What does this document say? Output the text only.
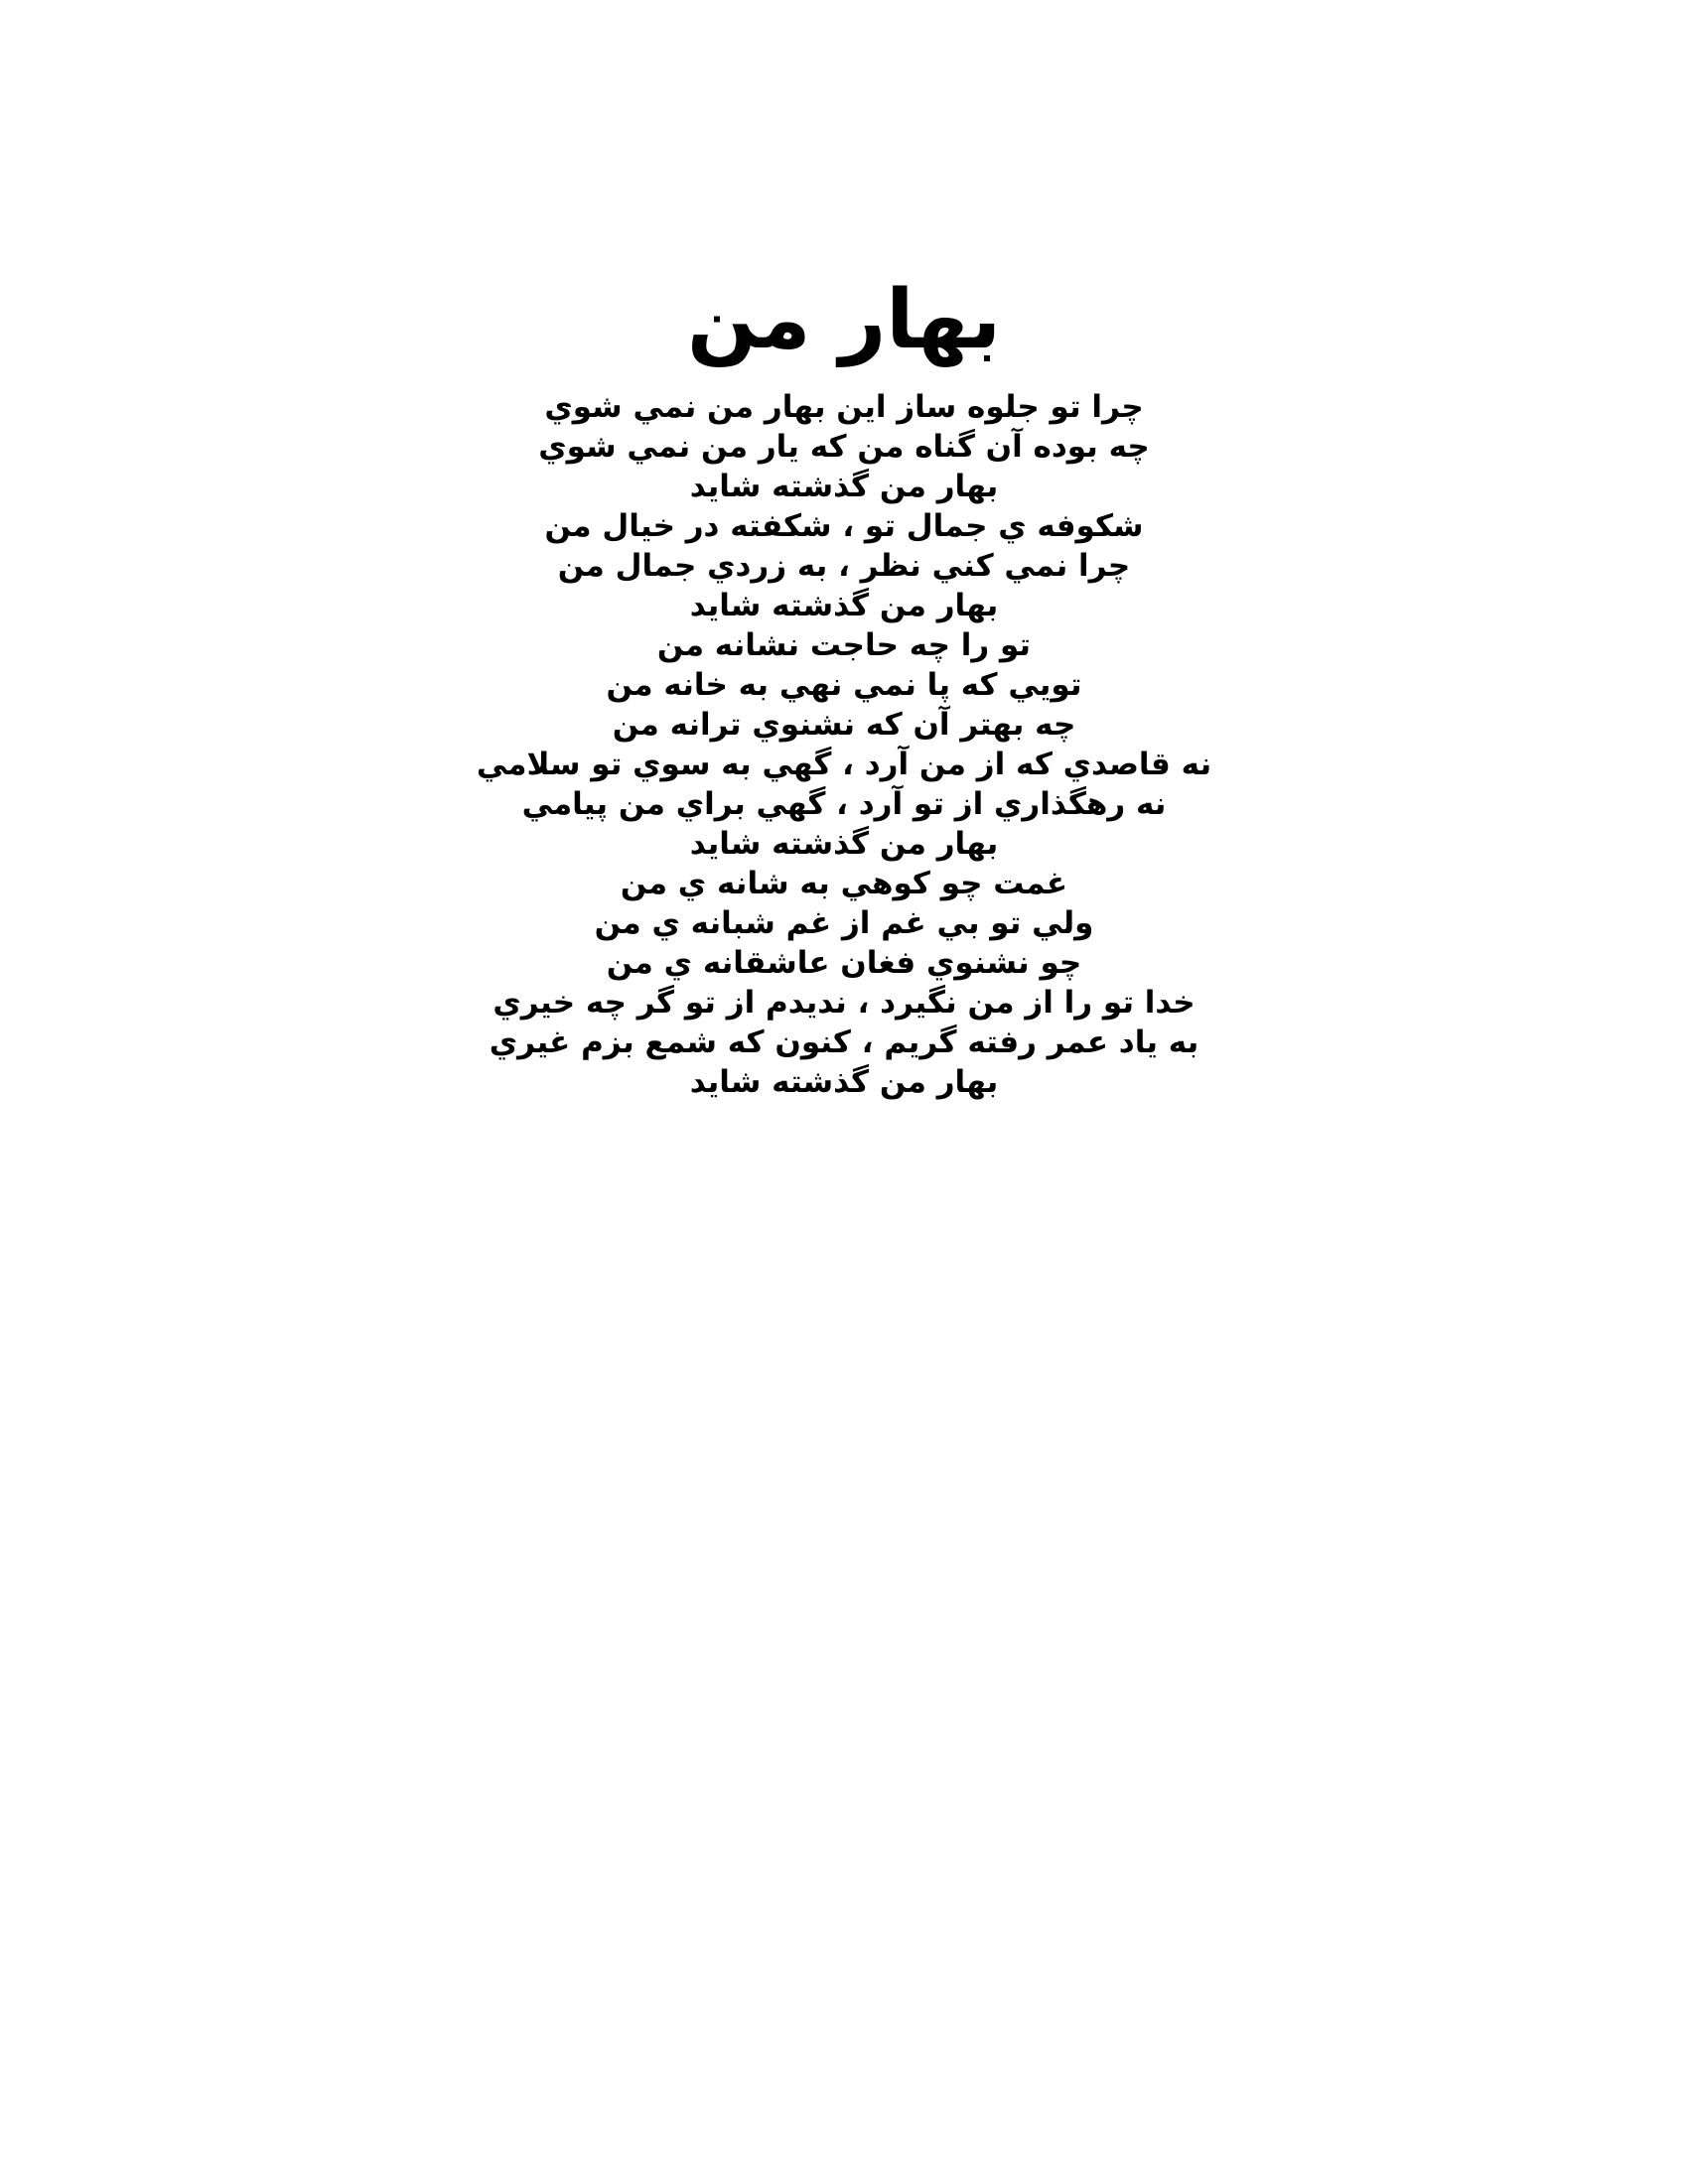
بهار من
چرا تو جلوه ساز اين بهار من نمي شوي
چه بوده آن گناه من كه يار من نمي شوي
بهار من گذشته شايد
شكوفه ي جمال تو ، شكفته در خيال من
چرا نمي كني نظر ، به زردي جمال من
بهار من گذشته شايد
تو را چه حاجت نشانه من
تويي كه پا نمي نهي به خانه من
چه بهتر آن كه نشنوي ترانه من
نه قاصدي كه از من آرد ، گهي به سوي تو سلامي
نه رهگذاري از تو آرد ، گهي براي من پيامي
بهار من گذشته شايد
غمت چو كوهي به شانه ي من
ولي تو بي غم از غم شبانه ي من
چو نشنوي فغان عاشقانه ي من
خدا تو را از من نگيرد ، نديدم از تو گر چه خيري
به ياد عمر رفته گريم ، كنون كه شمع بزم غيري
بهار من گذشته شايد
